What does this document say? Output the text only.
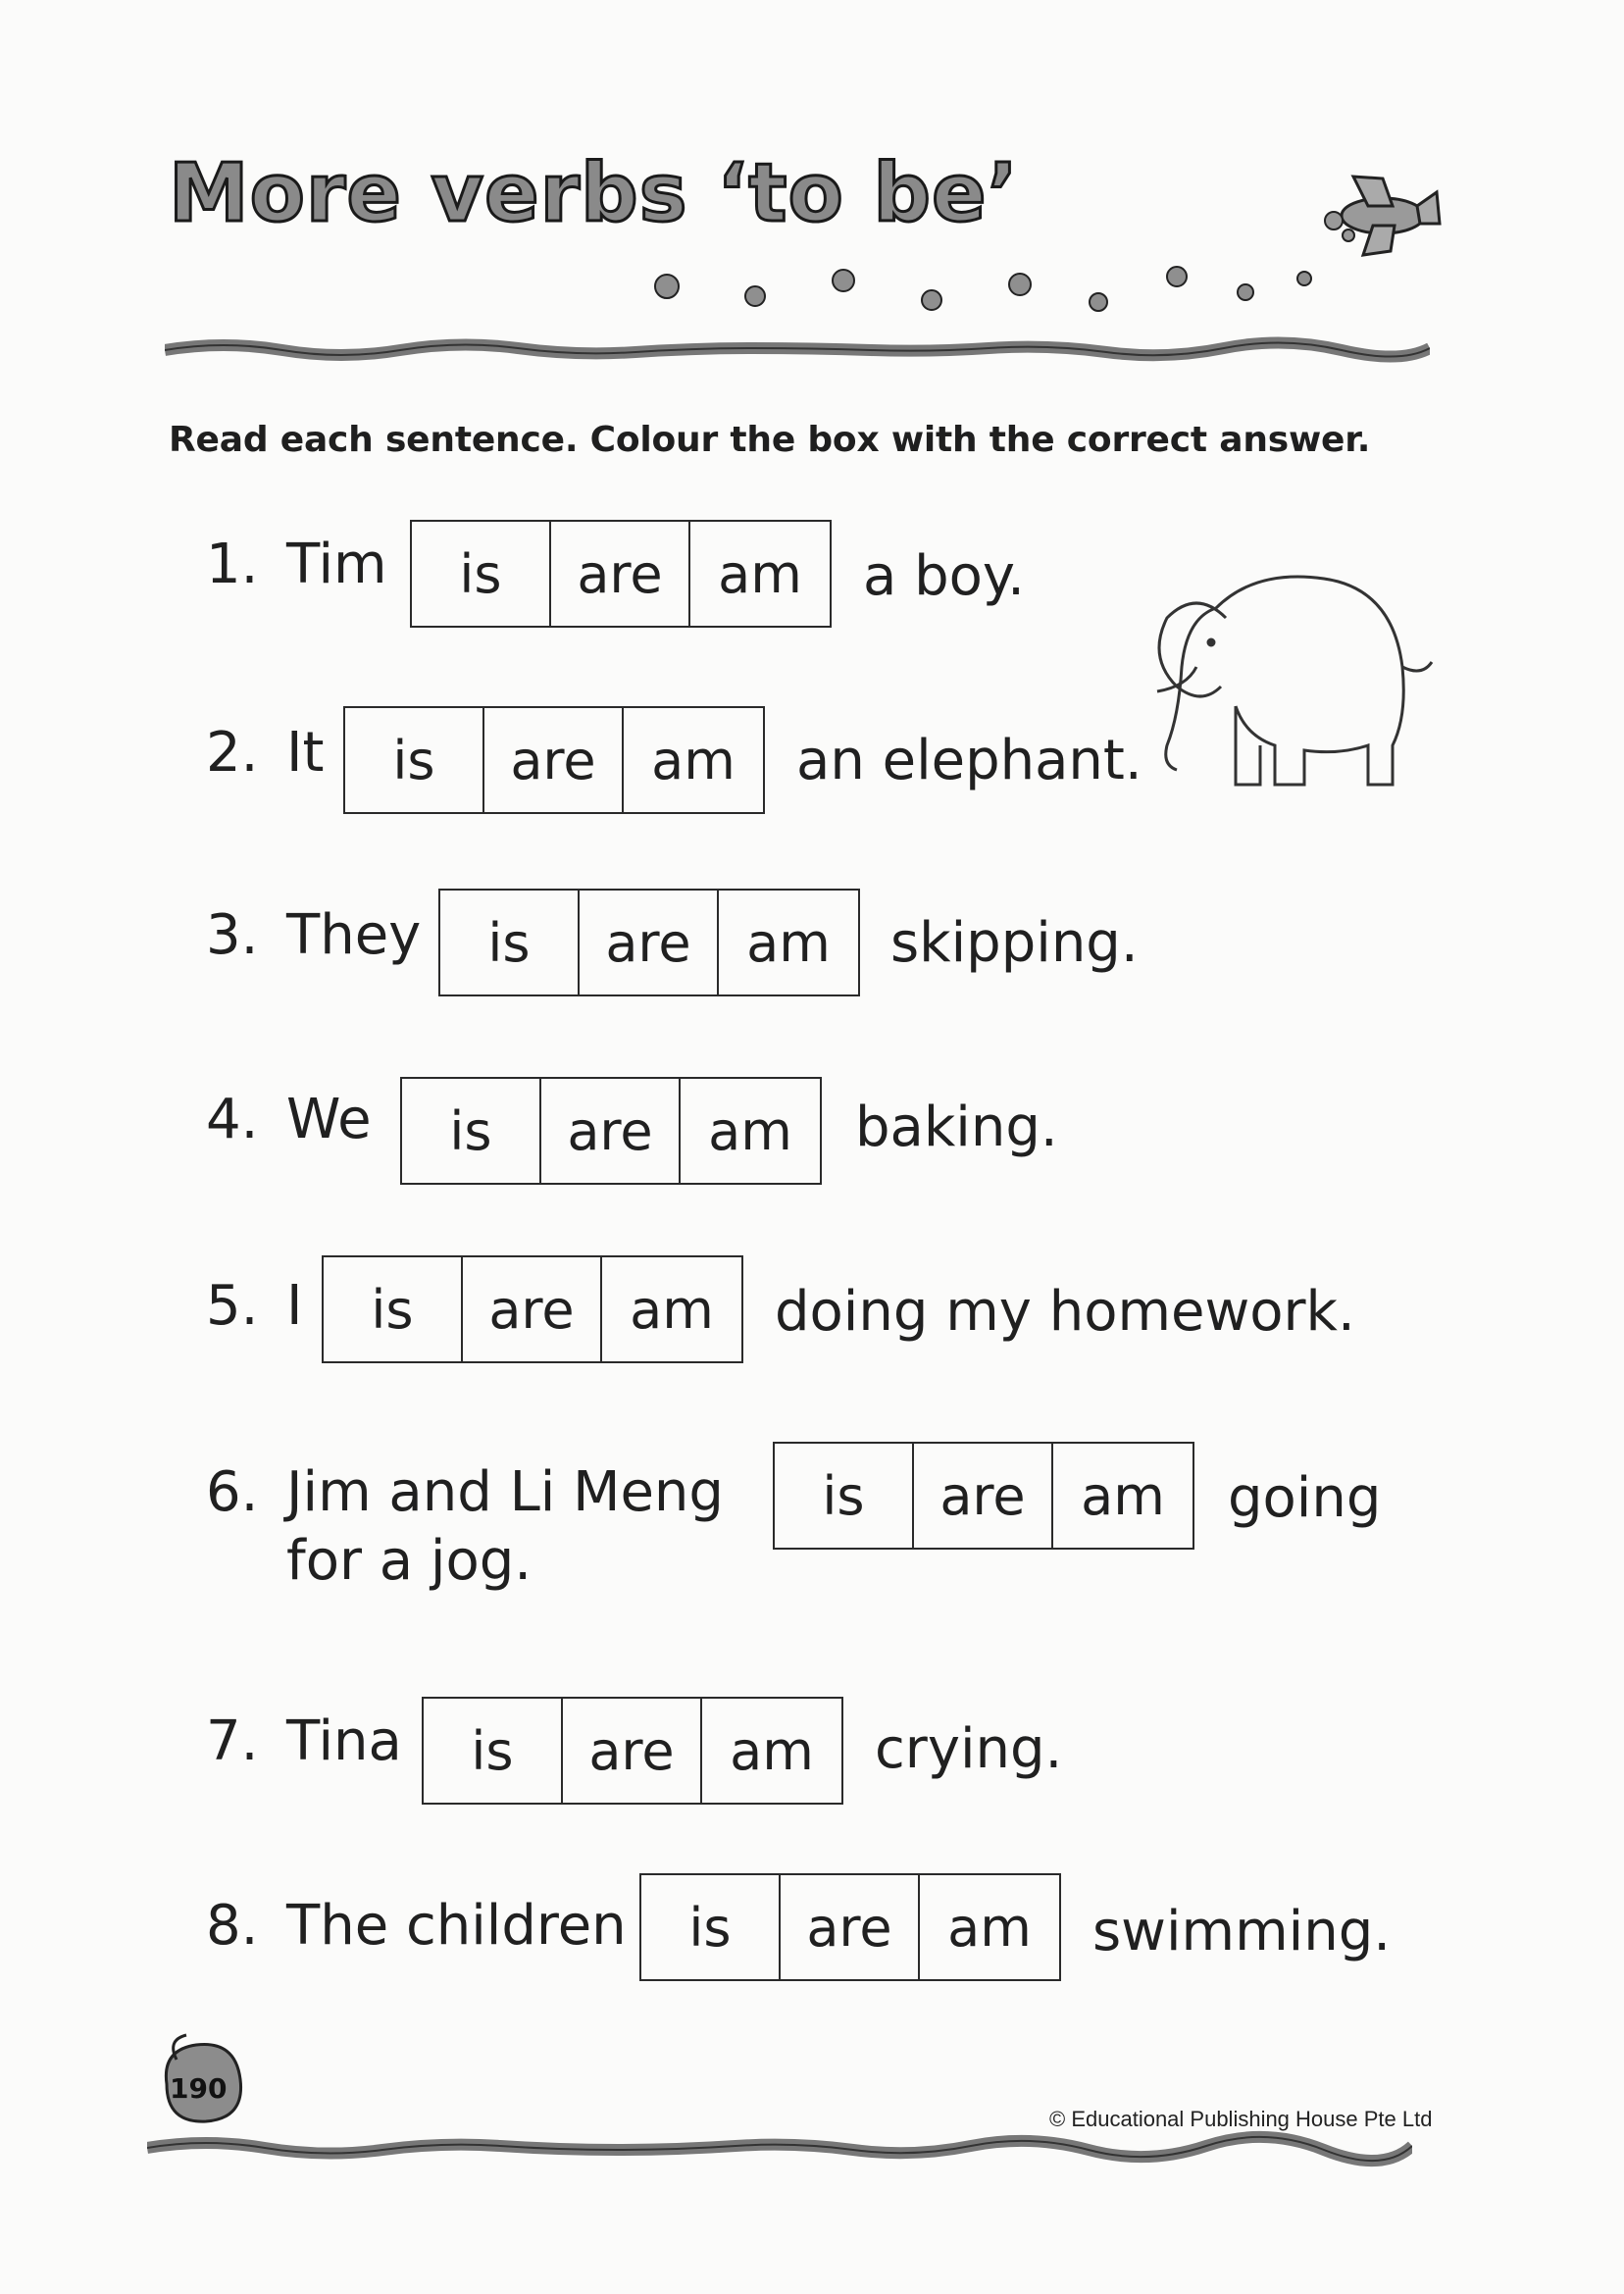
More verbs ‘to be’
Read each sentence. Colour the box with the correct answer.
1. Tim	is	are	am	a boy.
2. It	is	are	am	an elephant.
3. They	is	are	am	skipping.
4. We	is	are	am	baking.
5. I	is	are	am	doing my homework.
6. Jim and Li Meng	is	are	am	going
for a jog.
7. Tina	is	are	am	crying.
8. The children	is	are	am	swimming.
190
© Educational Publishing House Pte Ltd
